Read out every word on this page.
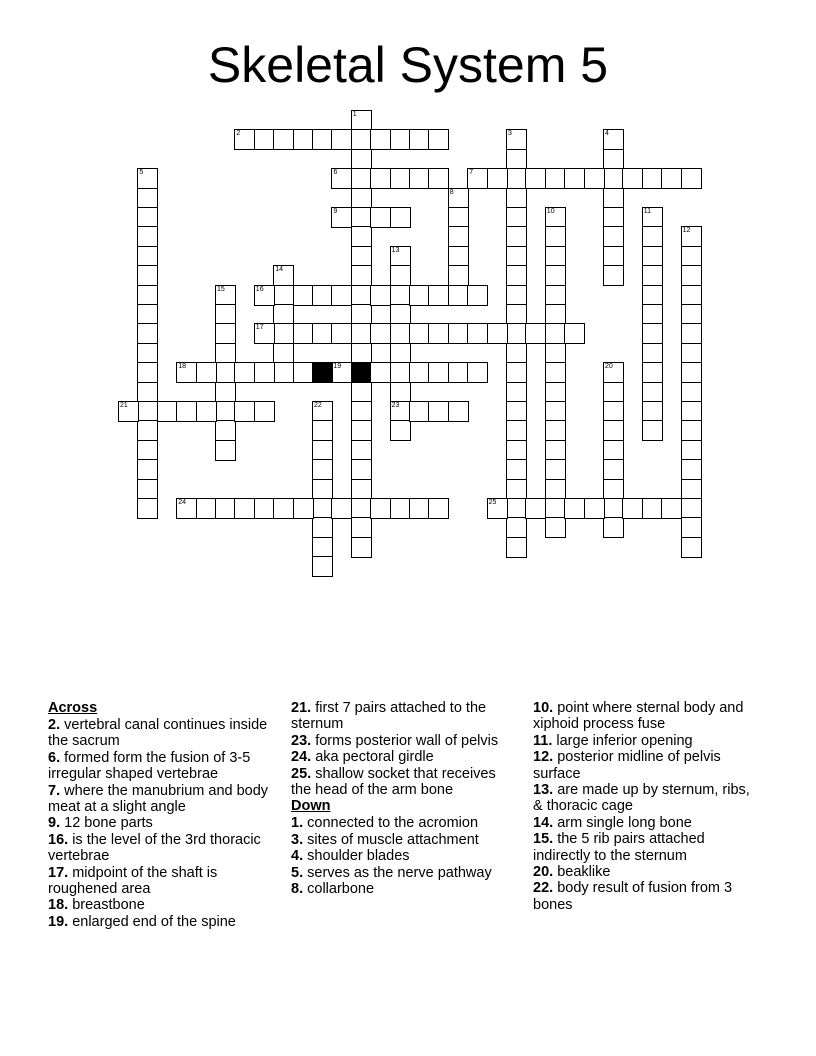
Skeletal System 5
1
2	3	4
5	6	7
8
9	10	11
12
13
23
14
15	16
17
18	19	20
21	22
24	25
Across
2. vertebral canal continues inside the sacrum
6. formed form the fusion of 3-5 irregular shaped vertebrae
7. where the manubrium and body meat at a slight angle
9. 12 bone parts
16. is the level of the 3rd thoracic vertebrae
17. midpoint of the shaft is roughened area
18. breastbone
19. enlarged end of the spine
21. first 7 pairs attached to the sternum
23. forms posterior wall of pelvis
24. aka pectoral girdle
25. shallow socket that receives the head of the arm bone
Down
1. connected to the acromion
3. sites of muscle attachment
4. shoulder blades
5. serves as the nerve pathway
8. collarbone
10. point where sternal body and xiphoid process fuse
11. large inferior opening
12. posterior midline of pelvis surface
13. are made up by sternum, ribs, & thoracic cage
14. arm single long bone
15. the 5 rib pairs attached indirectly to the sternum
20. beaklike
22. body result of fusion from 3 bones
